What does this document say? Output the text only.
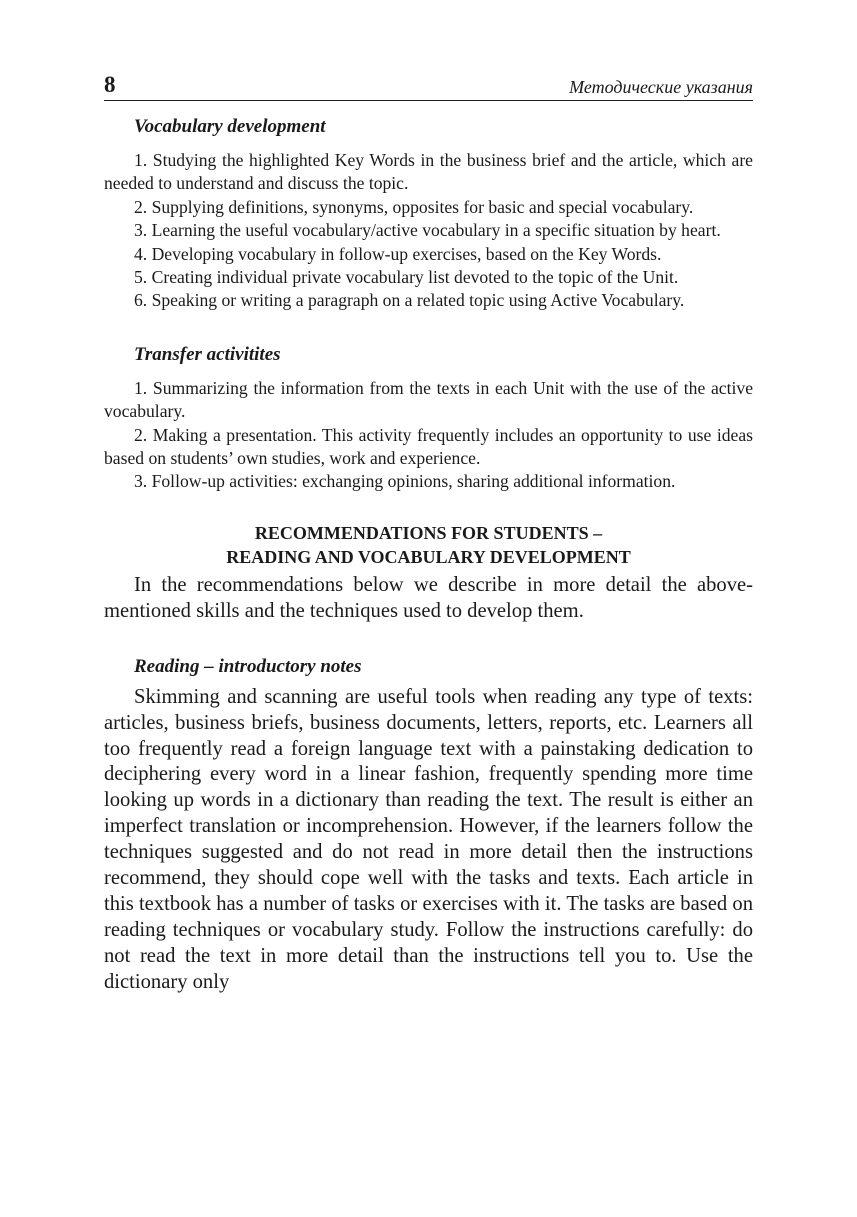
8	Методические указания

Vocabulary development

1. Studying the highlighted Key Words in the business brief and the article, which are needed to understand and discuss the topic.

2. Supplying definitions, synonyms, opposites for basic and special vocabulary.

3. Learning the useful vocabulary/active vocabulary in a specific situation by heart.

4. Developing vocabulary in follow-up exercises, based on the Key Words.

5. Creating individual private vocabulary list devoted to the topic of the Unit.

6. Speaking or writing a paragraph on a related topic using Active Vocabulary.

Transfer activitites

1. Summarizing the information from the texts in each Unit with the use of the active vocabulary.

2. Making a presentation. This activity frequently includes an opportunity to use ideas based on students’ own studies, work and experience.

3. Follow-up activities: exchanging opinions, sharing additional information.

RECOMMENDATIONS FOR STUDENTS –

READING AND VOCABULARY DEVELOPMENT

In the recommendations below we describe in more detail the abovementioned skills and the techniques used to develop them.

Reading – introductory notes

Skimming and scanning are useful tools when reading any type of texts: articles, business briefs, business documents, letters, reports, etc. Learners all too frequently read a foreign language text with a painstaking dedication to deciphering every word in a linear fashion, frequently spending more time looking up words in a dictionary than reading the text. The result is either an imperfect translation or incomprehension. However, if the learners follow the techniques suggested and do not read in more detail then the instructions recommend, they should cope well with the tasks and texts. Each article in this textbook has a number of tasks or exercises with it. The tasks are based on reading techniques or vocabulary study. Follow the instructions carefully: do not read the text in more detail than the instructions tell you to. Use the dictionary only
